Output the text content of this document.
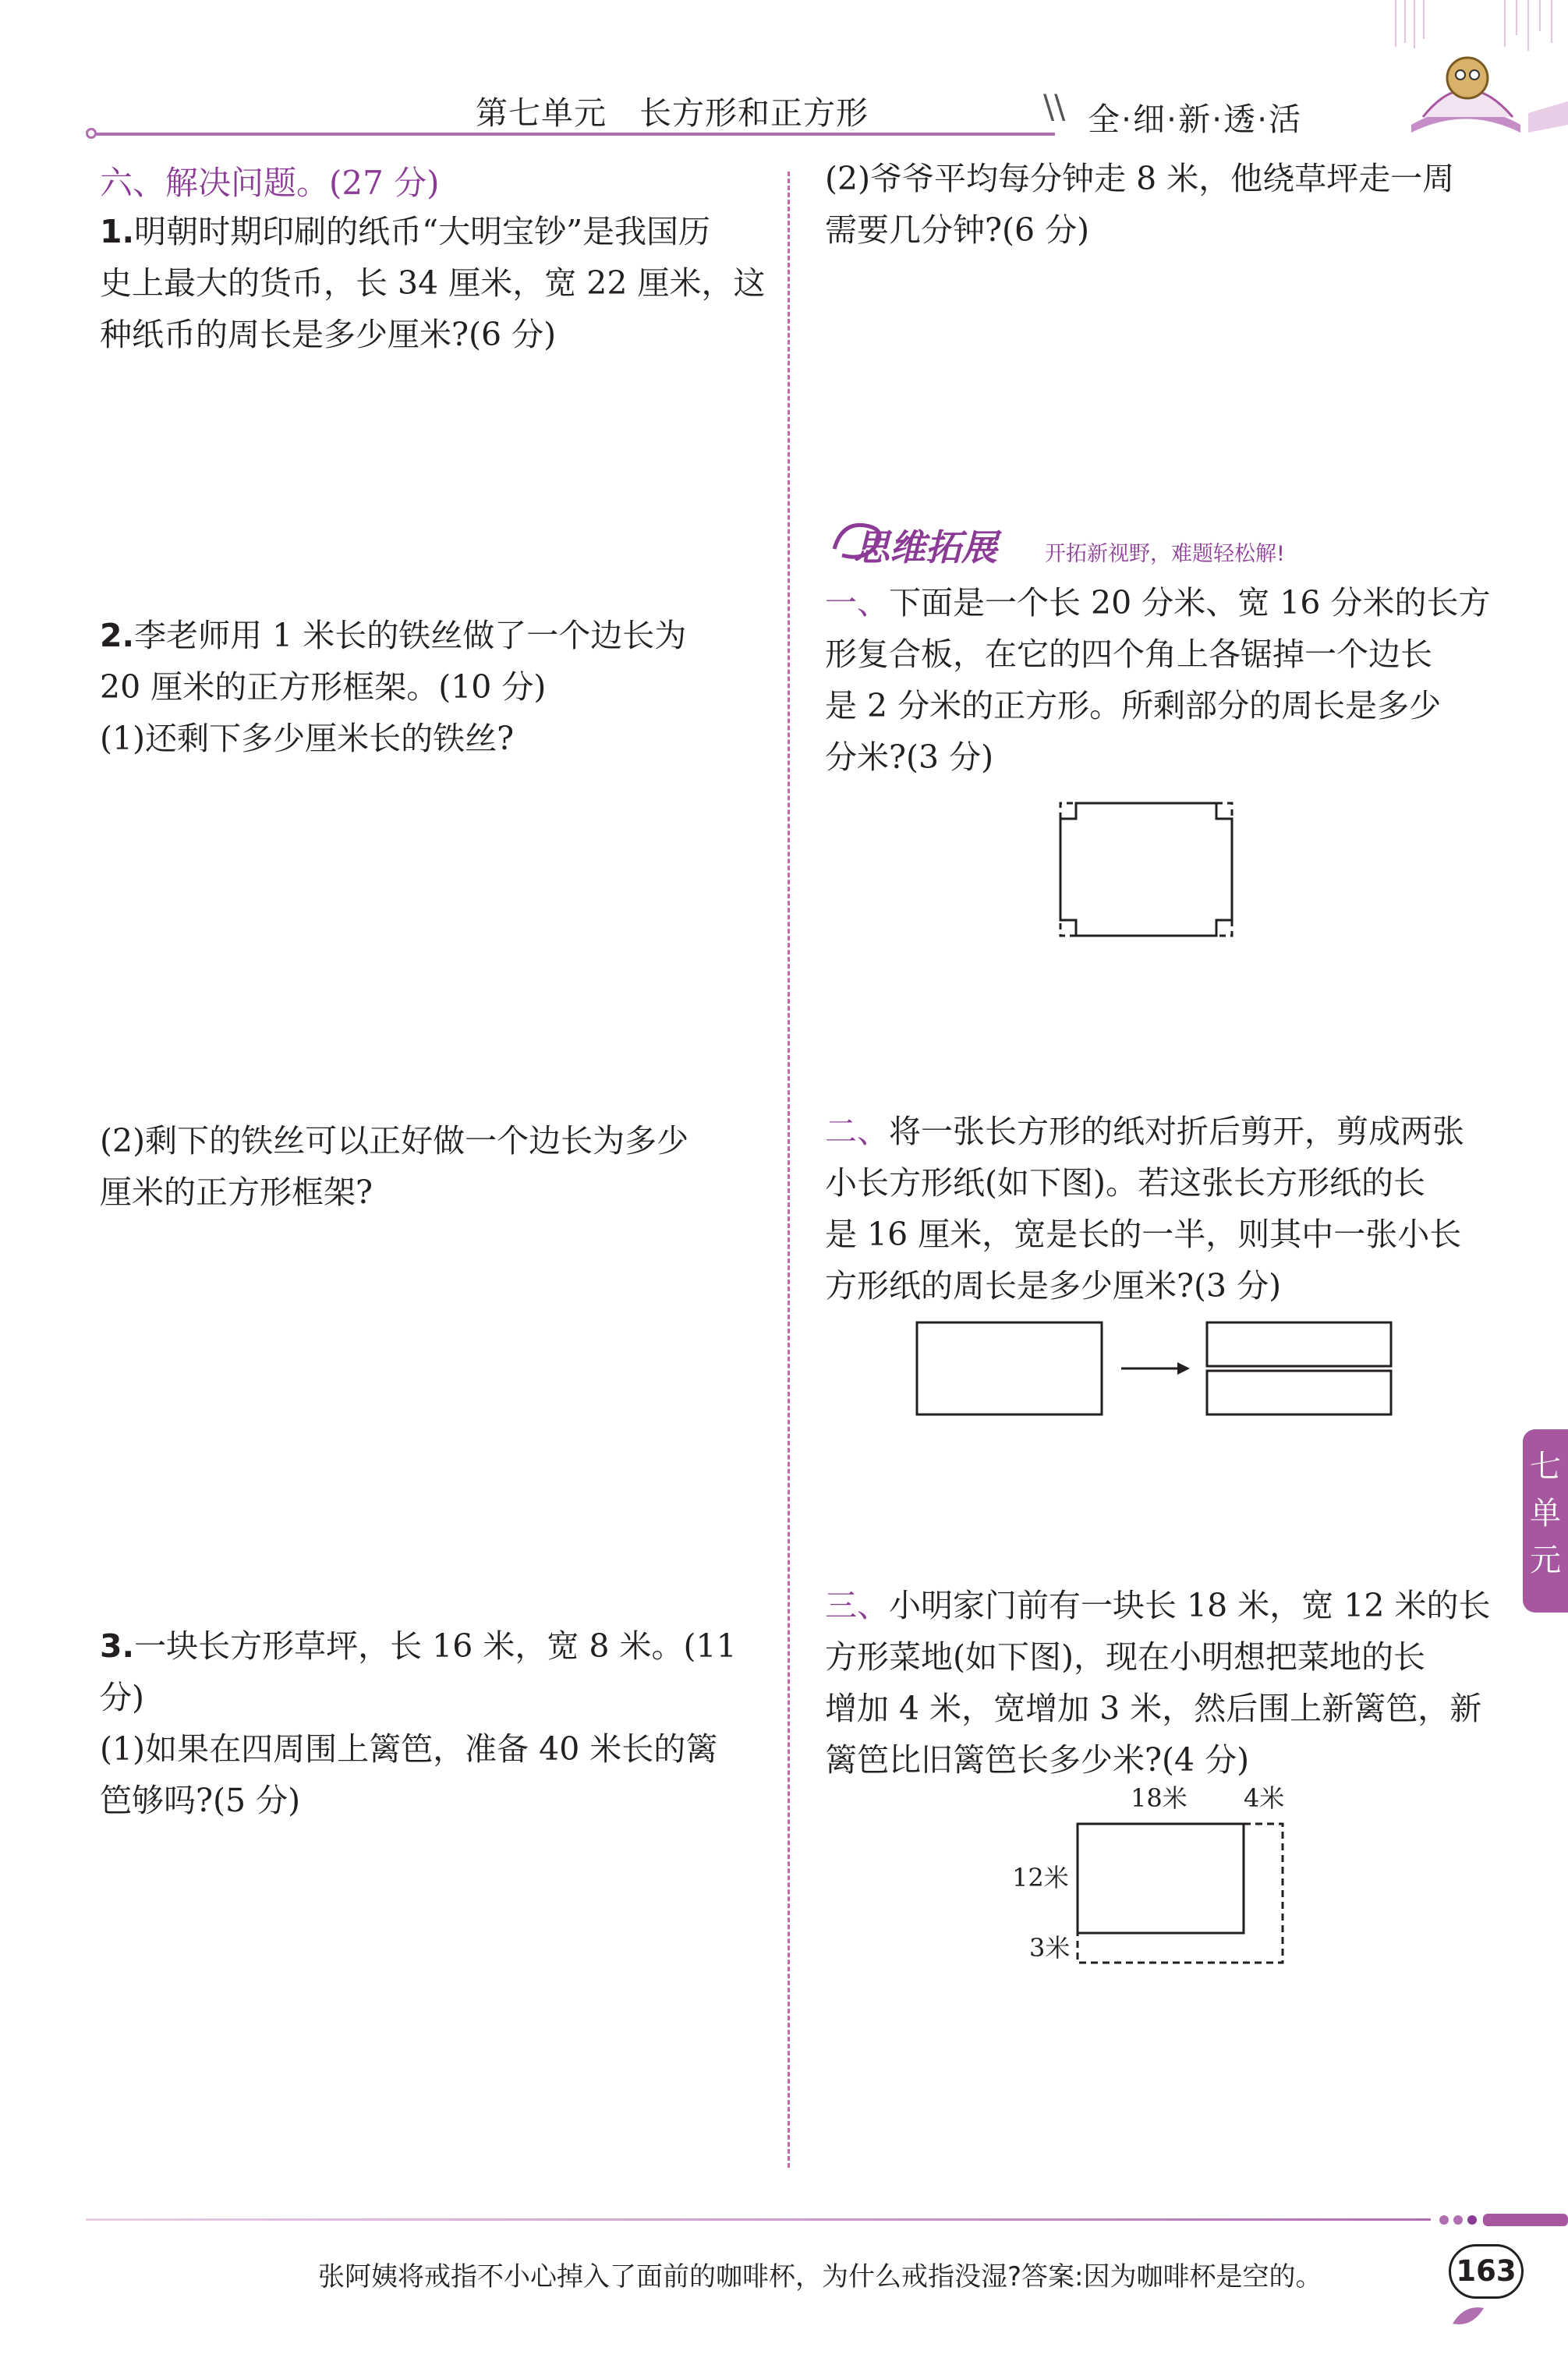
第七单元　长方形和正方形	\\ 全·细·新·透·活
六、解决问题。(27 分)
1.明朝时期印刷的纸币“大明宝钞”是我国历
史上最大的货币，长 34 厘米，宽 22 厘米，这
种纸币的周长是多少厘米?(6 分)
2.李老师用 1 米长的铁丝做了一个边长为
20 厘米的正方形框架。(10 分)
(1)还剩下多少厘米长的铁丝?
(2)剩下的铁丝可以正好做一个边长为多少
厘米的正方形框架?
3.一块长方形草坪，长 16 米，宽 8 米。(11 分)
(1)如果在四周围上篱笆，准备 40 米长的篱
笆够吗?(5 分)
(2)爷爷平均每分钟走 8 米，他绕草坪走一周
需要几分钟?(6 分)
思维拓展 开拓新视野，难题轻松解!
一、下面是一个长 20 分米、宽 16 分米的长方
形复合板，在它的四个角上各锯掉一个边长
是 2 分米的正方形。所剩部分的周长是多少
分米?(3 分)
二、将一张长方形的纸对折后剪开，剪成两张
小长方形纸(如下图)。若这张长方形纸的长
是 16 厘米，宽是长的一半，则其中一张小长
方形纸的周长是多少厘米?(3 分)
三、小明家门前有一块长 18 米，宽 12 米的长
方形菜地(如下图)，现在小明想把菜地的长
增加 4 米，宽增加 3 米，然后围上新篱笆，新
篱笆比旧篱笆长多少米?(4 分)
18米 4米
12米
3米
七
单
元
张阿姨将戒指不小心掉入了面前的咖啡杯，为什么戒指没湿?答案:因为咖啡杯是空的。	163
